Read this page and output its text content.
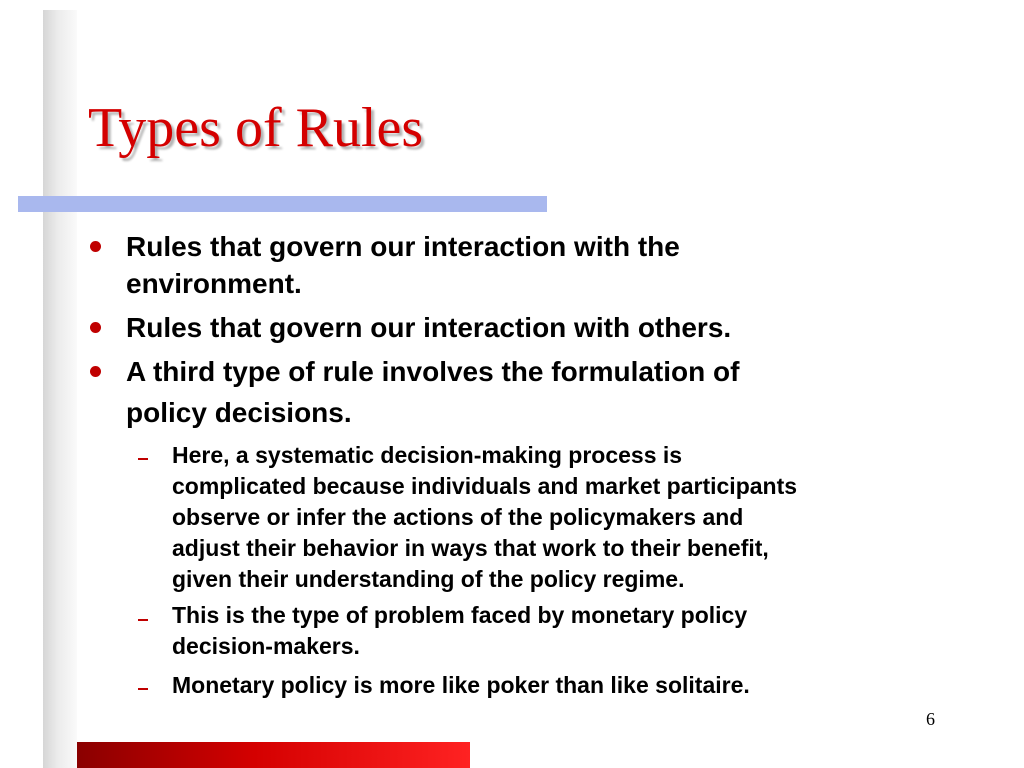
Types of Rules
Rules that govern our interaction with the
environment.
Rules that govern our interaction with others.
A third type of rule involves the formulation of
policy decisions.
Here, a systematic decision-making process is
complicated because individuals and market participants
observe or infer the actions of the policymakers and
adjust their behavior in ways that work to their benefit,
given their understanding of the policy regime.
This is the type of problem faced by monetary policy
decision-makers.
Monetary policy is more like poker than like solitaire.
6
